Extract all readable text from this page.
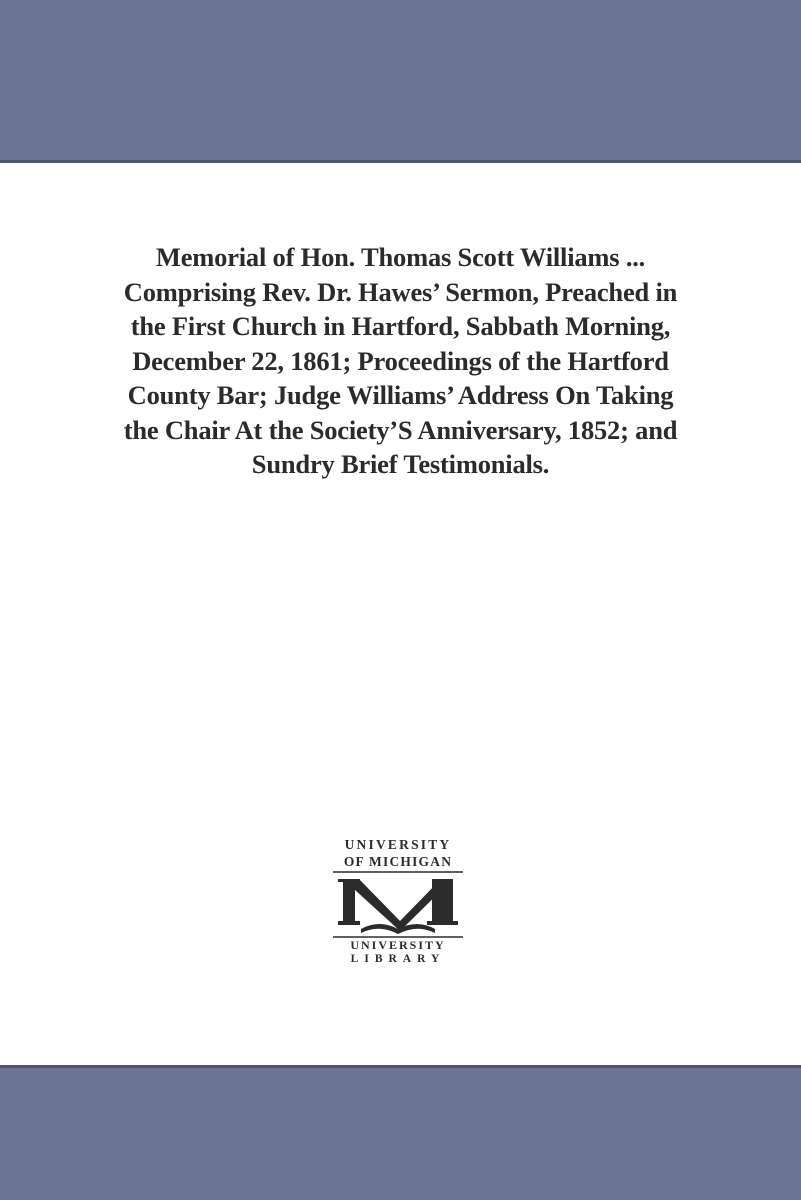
Memorial of Hon. Thomas Scott Williams ... Comprising Rev. Dr. Hawes’ Sermon, Preached in the First Church in Hartford, Sabbath Morning, December 22, 1861; Proceedings of the Hartford County Bar; Judge Williams’ Address On Taking the Chair At the Society’S Anniversary, 1852; and Sundry Brief Testimonials.
UNIVERSITY
OF MICHIGAN
UNIVERSITY
LIBRARY
